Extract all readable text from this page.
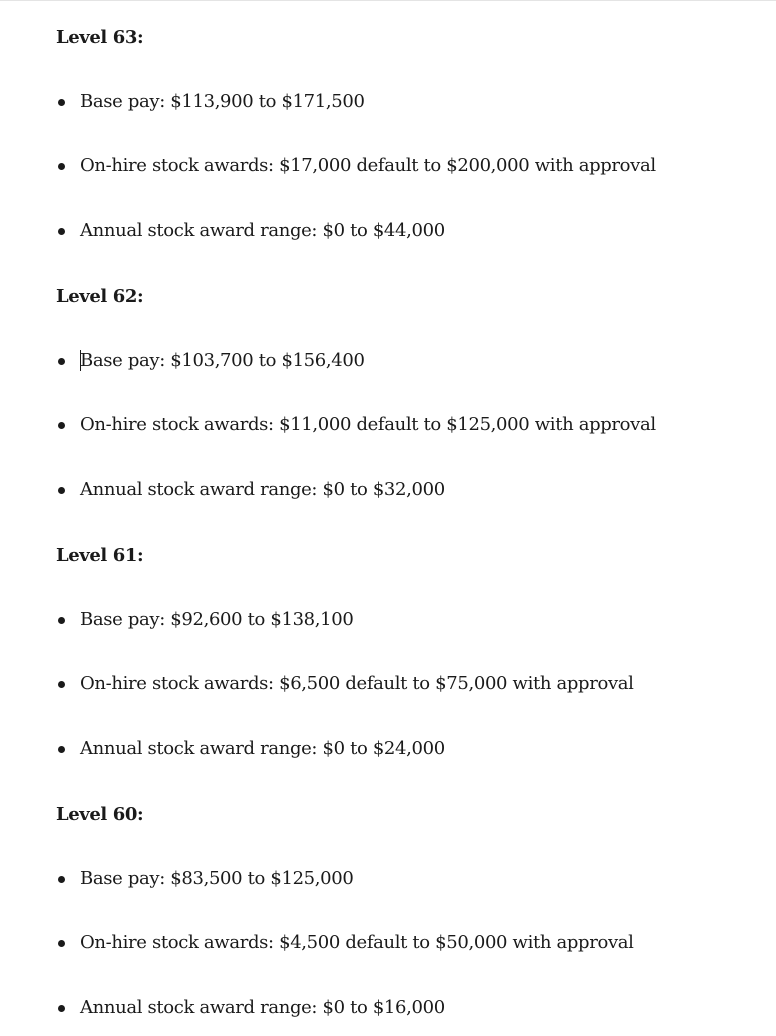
Level 63:
Base pay: $113,900 to $171,500
On-hire stock awards: $17,000 default to $200,000 with approval
Annual stock award range: $0 to $44,000
Level 62:
Base pay: $103,700 to $156,400
On-hire stock awards: $11,000 default to $125,000 with approval
Annual stock award range: $0 to $32,000
Level 61:
Base pay: $92,600 to $138,100
On-hire stock awards: $6,500 default to $75,000 with approval
Annual stock award range: $0 to $24,000
Level 60:
Base pay: $83,500 to $125,000
On-hire stock awards: $4,500 default to $50,000 with approval
Annual stock award range: $0 to $16,000
